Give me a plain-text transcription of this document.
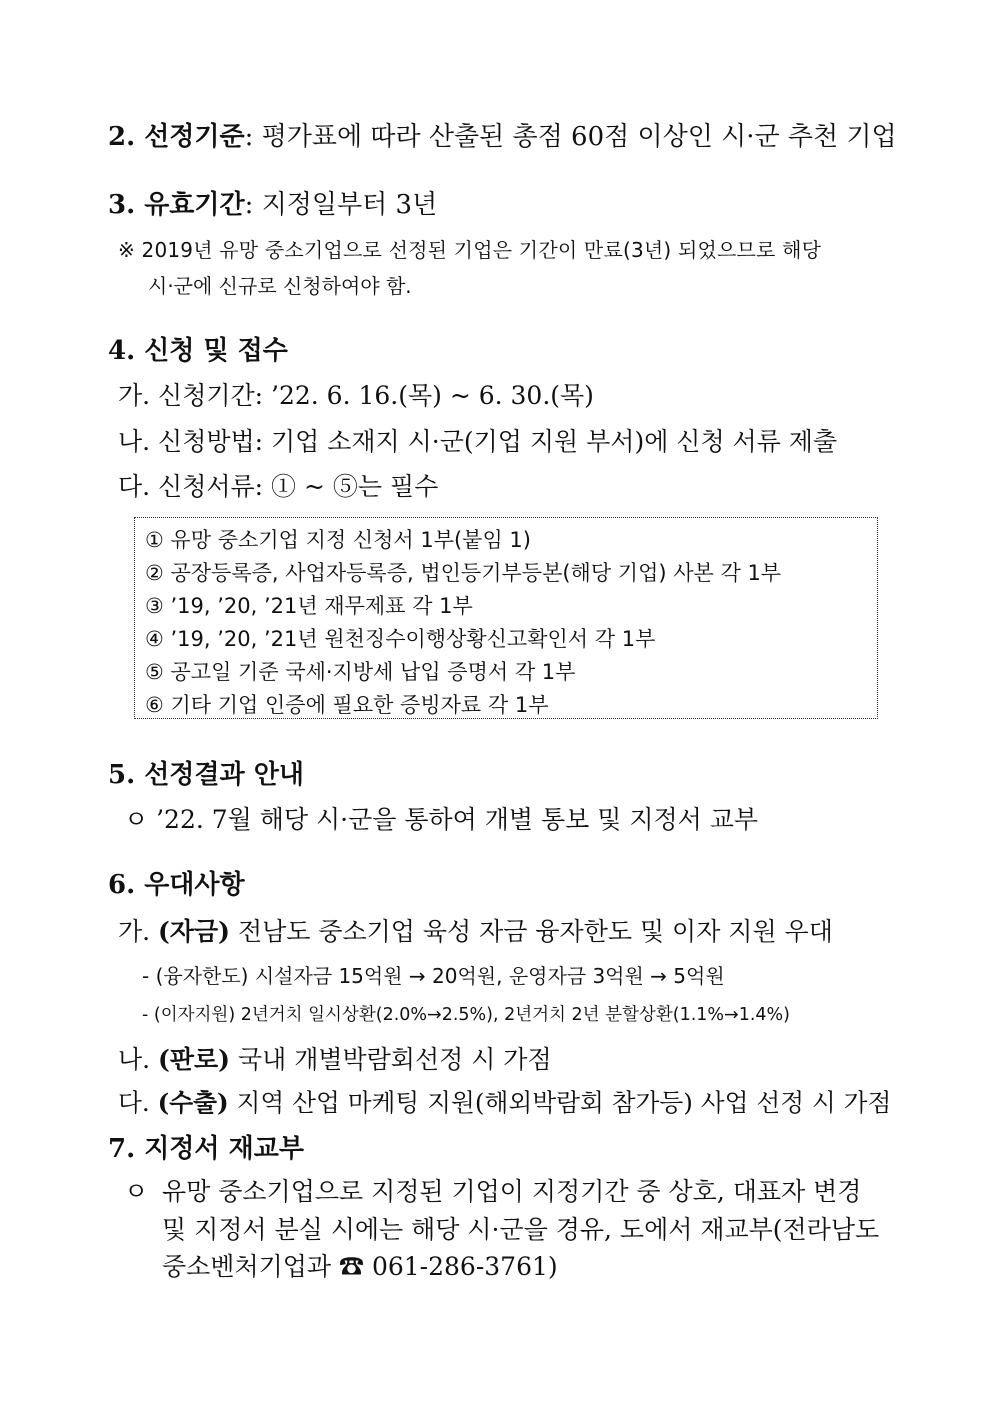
2. 선정기준: 평가표에 따라 산출된 총점 60점 이상인 시·군 추천 기업
3. 유효기간: 지정일부터 3년
※ 2019년 유망 중소기업으로 선정된 기업은 기간이 만료(3년) 되었으므로 해당
시·군에 신규로 신청하여야 함.
4. 신청 및 접수
가. 신청기간: ’22. 6. 16.(목) ~ 6. 30.(목)
나. 신청방법: 기업 소재지 시·군(기업 지원 부서)에 신청 서류 제출
다. 신청서류: ① ~ ⑤는 필수
① 유망 중소기업 지정 신청서 1부(붙임 1)
② 공장등록증, 사업자등록증, 법인등기부등본(해당 기업) 사본 각 1부
③ ’19, ’20, ’21년 재무제표 각 1부
④ ’19, ’20, ’21년 원천징수이행상황신고확인서 각 1부
⑤ 공고일 기준 국세·지방세 납입 증명서 각 1부
⑥ 기타 기업 인증에 필요한 증빙자료 각 1부
5. 선정결과 안내
ㅇ ’22. 7월 해당 시·군을 통하여 개별 통보 및 지정서 교부
6. 우대사항
가. (자금) 전남도 중소기업 육성 자금 융자한도 및 이자 지원 우대
- (융자한도) 시설자금 15억원 → 20억원, 운영자금 3억원 → 5억원
- (이자지원) 2년거치 일시상환(2.0%→2.5%), 2년거치 2년 분할상환(1.1%→1.4%)
나. (판로) 국내 개별박람회선정 시 가점
다. (수출) 지역 산업 마케팅 지원(해외박람회 참가등) 사업 선정 시 가점
7. 지정서 재교부
ㅇ 유망 중소기업으로 지정된 기업이 지정기간 중 상호, 대표자 변경
및 지정서 분실 시에는 해당 시·군을 경유, 도에서 재교부(전라남도
중소벤처기업과 ☎ 061-286-3761)
